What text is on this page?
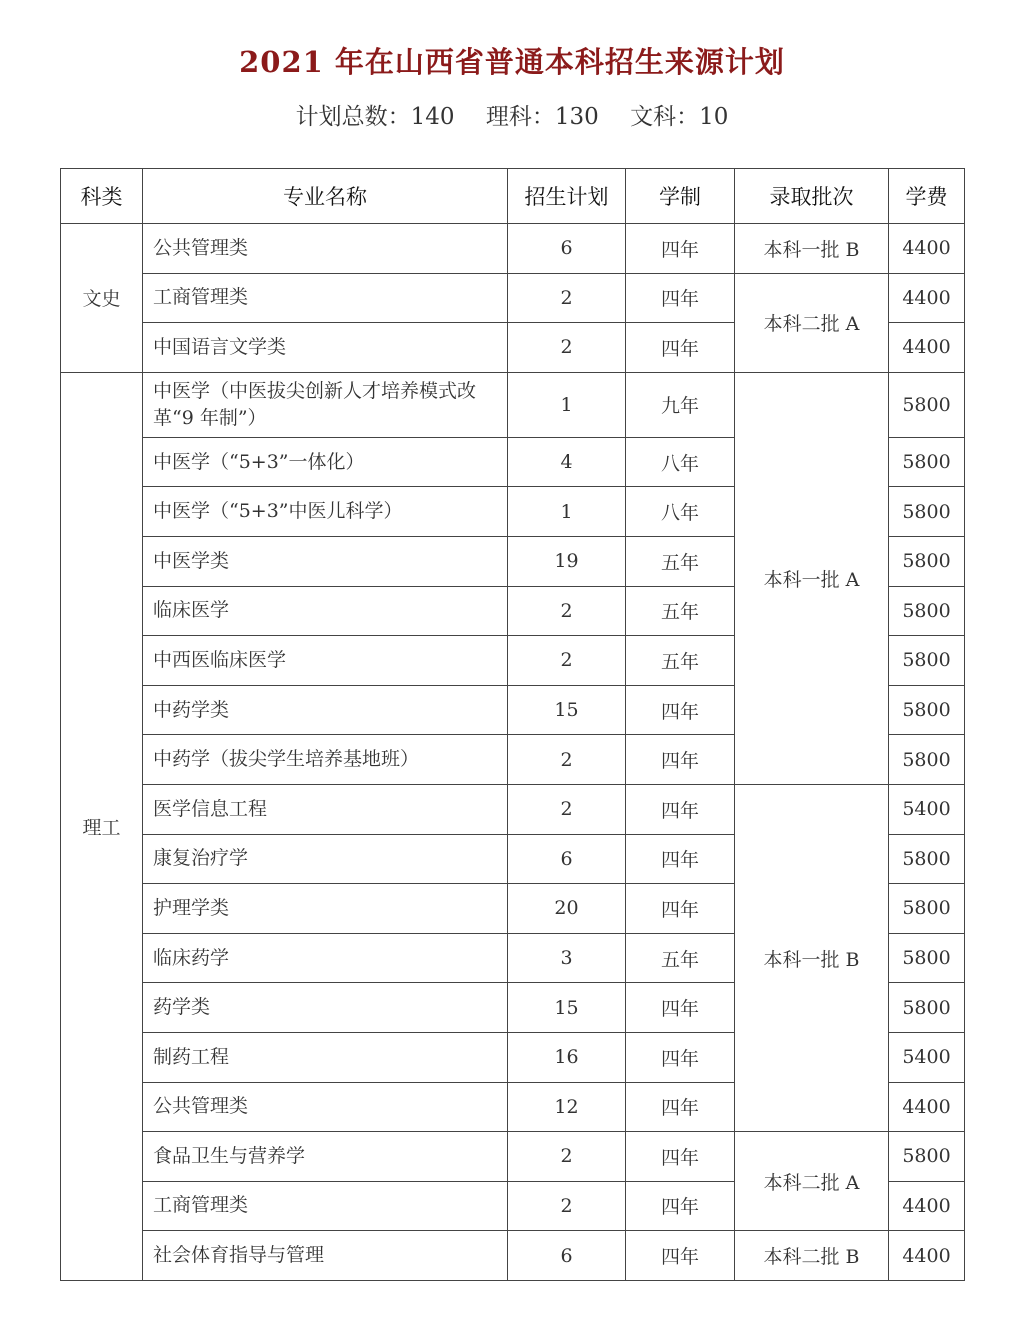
2021 年在山西省普通本科招生来源计划
计划总数：140 理科：130 文科：10
科类	专业名称	招生计划	学制	录取批次	学费
文史	公共管理类	6	四年	本科一批 B	4400
	工商管理类	2	四年	本科二批 A	4400
	中国语言文学类	2	四年		4400
理工	中医学（中医拔尖创新人才培养模式改革“9 年制”）	1	九年	本科一批 A	5800
	中医学（“5+3”一体化）	4	八年		5800
	中医学（“5+3”中医儿科学）	1	八年		5800
	中医学类	19	五年		5800
	临床医学	2	五年		5800
	中西医临床医学	2	五年		5800
	中药学类	15	四年		5800
	中药学（拔尖学生培养基地班）	2	四年		5800
	医学信息工程	2	四年	本科一批 B	5400
	康复治疗学	6	四年		5800
	护理学类	20	四年		5800
	临床药学	3	五年		5800
	药学类	15	四年		5800
	制药工程	16	四年		5400
	公共管理类	12	四年		4400
	食品卫生与营养学	2	四年	本科二批 A	5800
	工商管理类	2	四年		4400
	社会体育指导与管理	6	四年	本科二批 B	4400
